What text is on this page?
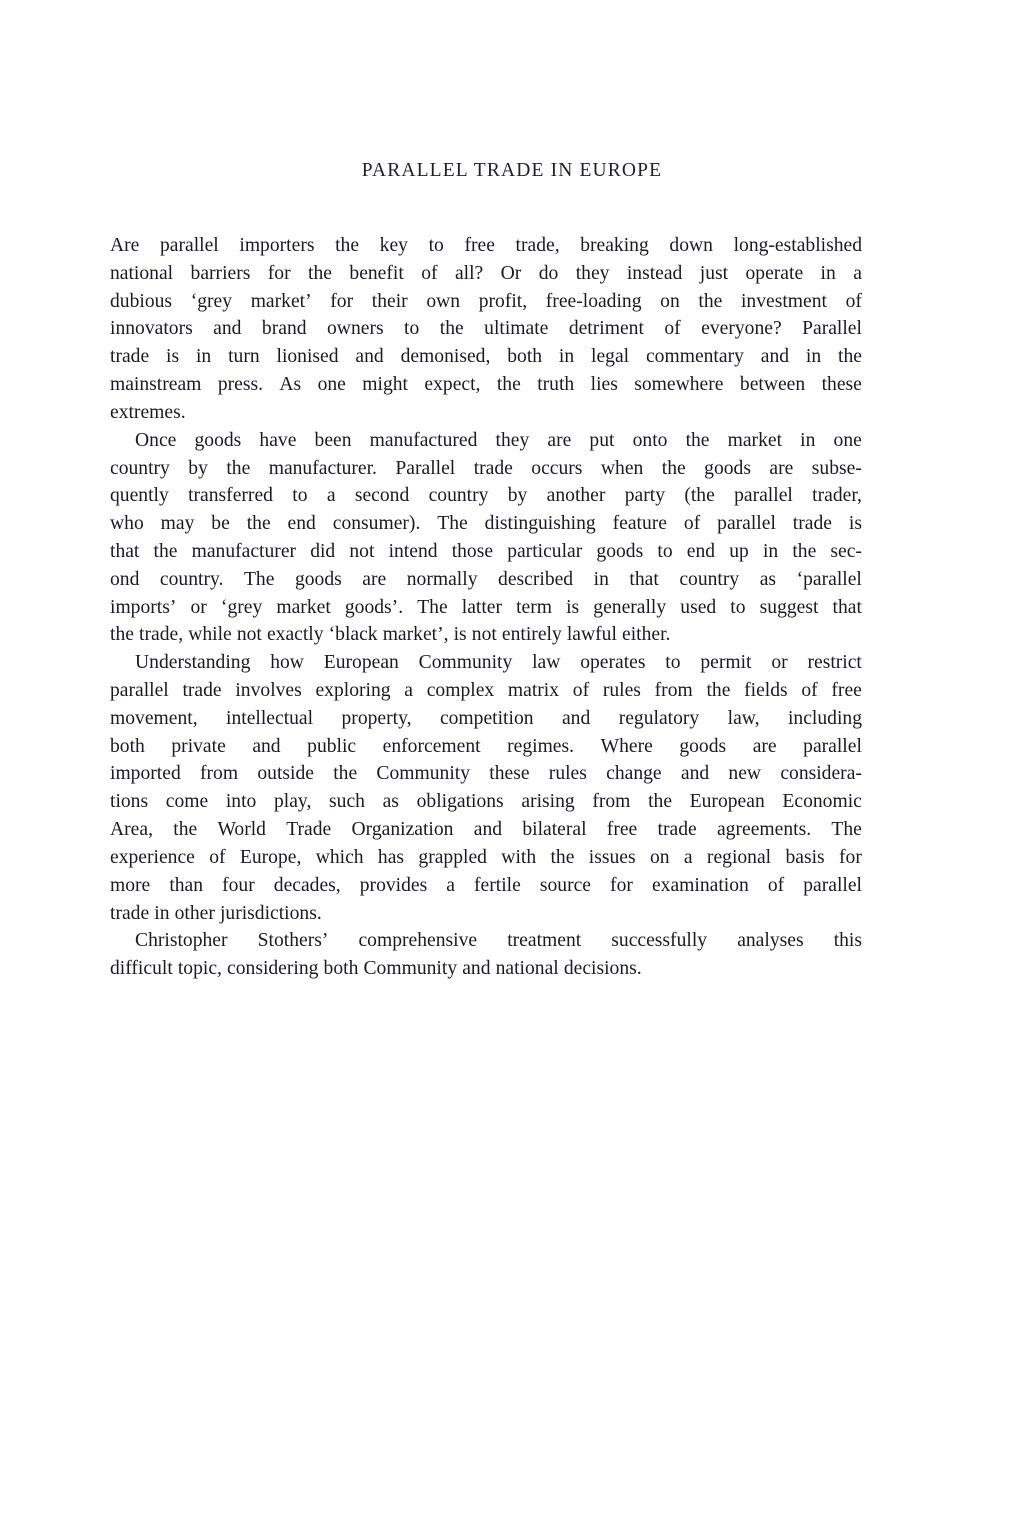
PARALLEL TRADE IN EUROPE
Are parallel importers the key to free trade, breaking down long-established
national barriers for the benefit of all? Or do they instead just operate in a
dubious ‘grey market’ for their own profit, free-loading on the investment of
innovators and brand owners to the ultimate detriment of everyone? Parallel
trade is in turn lionised and demonised, both in legal commentary and in the
mainstream press. As one might expect, the truth lies somewhere between these
extremes.
Once goods have been manufactured they are put onto the market in one
country by the manufacturer. Parallel trade occurs when the goods are subse-
quently transferred to a second country by another party (the parallel trader,
who may be the end consumer). The distinguishing feature of parallel trade is
that the manufacturer did not intend those particular goods to end up in the sec-
ond country. The goods are normally described in that country as ‘parallel
imports’ or ‘grey market goods’. The latter term is generally used to suggest that
the trade, while not exactly ‘black market’, is not entirely lawful either.
Understanding how European Community law operates to permit or restrict
parallel trade involves exploring a complex matrix of rules from the fields of free
movement, intellectual property, competition and regulatory law, including
both private and public enforcement regimes. Where goods are parallel
imported from outside the Community these rules change and new considera-
tions come into play, such as obligations arising from the European Economic
Area, the World Trade Organization and bilateral free trade agreements. The
experience of Europe, which has grappled with the issues on a regional basis for
more than four decades, provides a fertile source for examination of parallel
trade in other jurisdictions.
Christopher Stothers’ comprehensive treatment successfully analyses this
difficult topic, considering both Community and national decisions.
